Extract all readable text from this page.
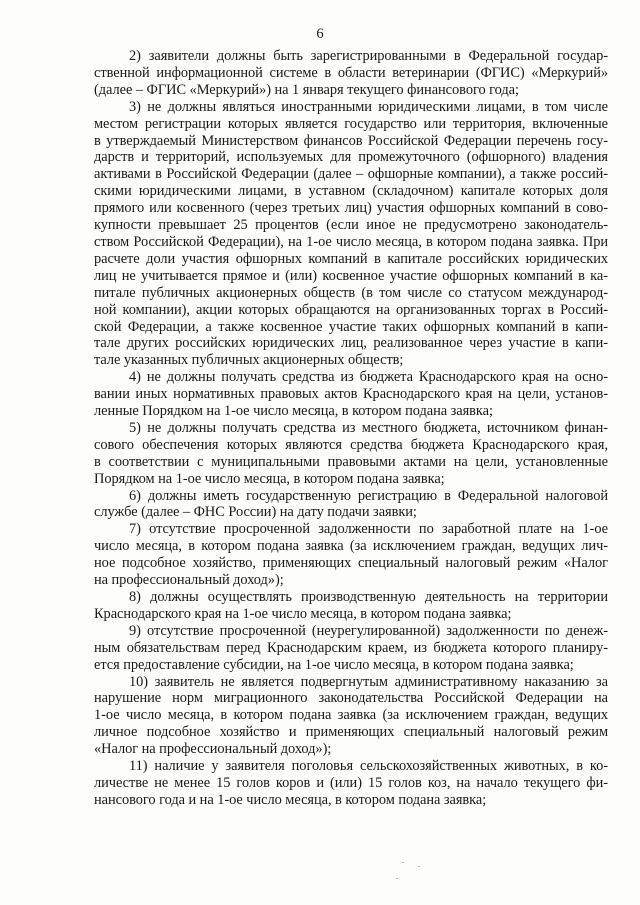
6
2) заявители должны быть зарегистрированными в Федеральной государ-
ственной информационной системе в области ветеринарии (ФГИС) «Меркурий»
(далее – ФГИС «Меркурий») на 1 января текущего финансового года;
3) не должны являться иностранными юридическими лицами, в том числе
местом регистрации которых является государство или территория, включенные
в утверждаемый Министерством финансов Российской Федерации перечень госу-
дарств и территорий, используемых для промежуточного (офшорного) владения
активами в Российской Федерации (далее – офшорные компании), а также россий-
скими юридическими лицами, в уставном (складочном) капитале которых доля
прямого или косвенного (через третьих лиц) участия офшорных компаний в сово-
купности превышает 25 процентов (если иное не предусмотрено законодатель-
ством Российской Федерации), на 1-ое число месяца, в котором подана заявка. При
расчете доли участия офшорных компаний в капитале российских юридических
лиц не учитывается прямое и (или) косвенное участие офшорных компаний в ка-
питале публичных акционерных обществ (в том числе со статусом международ-
ной компании), акции которых обращаются на организованных торгах в Россий-
ской Федерации, а также косвенное участие таких офшорных компаний в капи-
тале других российских юридических лиц, реализованное через участие в капи-
тале указанных публичных акционерных обществ;
4) не должны получать средства из бюджета Краснодарского края на осно-
вании иных нормативных правовых актов Краснодарского края на цели, установ-
ленные Порядком на 1-ое число месяца, в котором подана заявка;
5) не должны получать средства из местного бюджета, источником финан-
сового обеспечения которых являются средства бюджета Краснодарского края,
в соответствии с муниципальными правовыми актами на цели, установленные
Порядком на 1-ое число месяца, в котором подана заявка;
6) должны иметь государственную регистрацию в Федеральной налоговой
службе (далее – ФНС России) на дату подачи заявки;
7) отсутствие просроченной задолженности по заработной плате на 1-ое
число месяца, в котором подана заявка (за исключением граждан, ведущих лич-
ное подсобное хозяйство, применяющих специальный налоговый режим «Налог
на профессиональный доход»);
8) должны осуществлять производственную деятельность на территории
Краснодарского края на 1-ое число месяца, в котором подана заявка;
9) отсутствие просроченной (неурегулированной) задолженности по денеж-
ным обязательствам перед Краснодарским краем, из бюджета которого планиру-
ется предоставление субсидии, на 1-ое число месяца, в котором подана заявка;
10) заявитель не является подвергнутым административному наказанию за
нарушение норм миграционного законодательства Российской Федерации на
1-ое число месяца, в котором подана заявка (за исключением граждан, ведущих
личное подсобное хозяйство и применяющих специальный налоговый режим
«Налог на профессиональный доход»);
11) наличие у заявителя поголовья сельскохозяйственных животных, в ко-
личестве не менее 15 голов коров и (или) 15 голов коз, на начало текущего фи-
нансового года и на 1-ое число месяца, в котором подана заявка;
